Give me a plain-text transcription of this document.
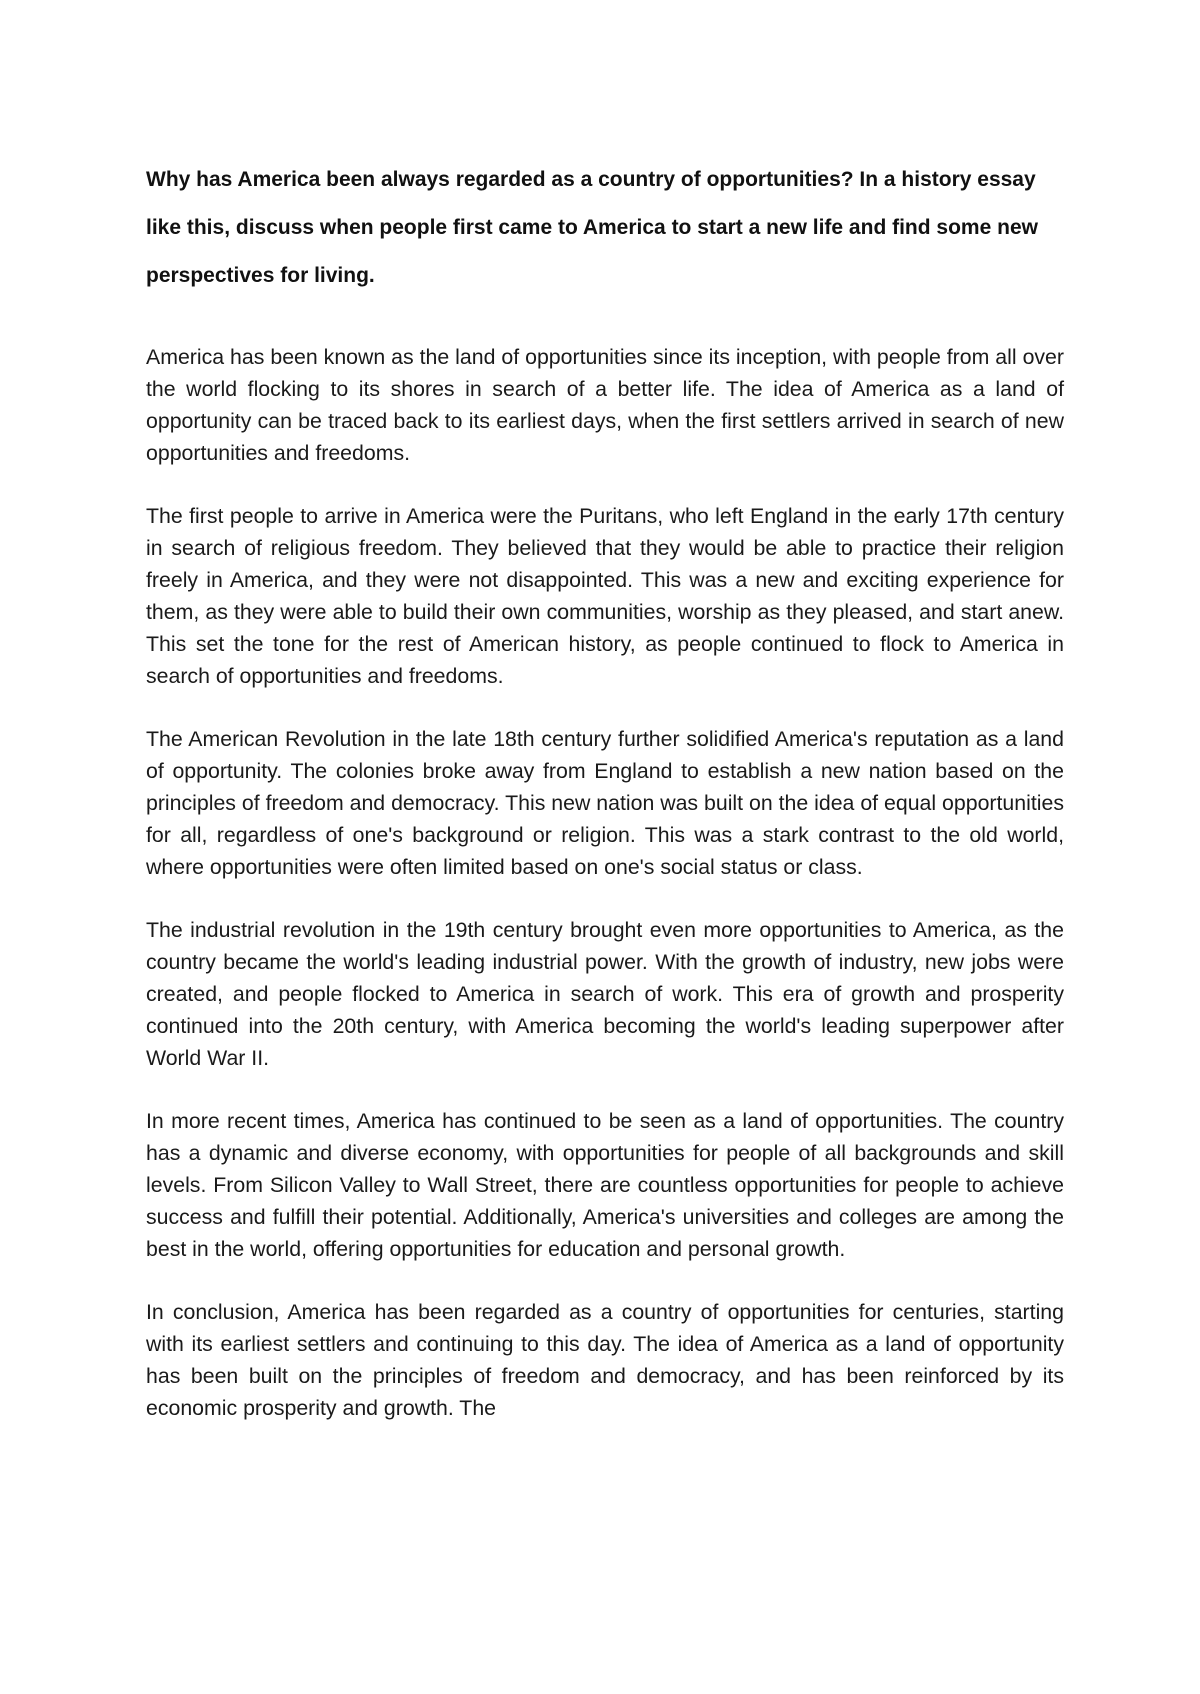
Why has America been always regarded as a country of opportunities? In a history essay like this, discuss when people first came to America to start a new life and find some new perspectives for living.

America has been known as the land of opportunities since its inception, with people from all over the world flocking to its shores in search of a better life. The idea of America as a land of opportunity can be traced back to its earliest days, when the first settlers arrived in search of new opportunities and freedoms.

The first people to arrive in America were the Puritans, who left England in the early 17th century in search of religious freedom. They believed that they would be able to practice their religion freely in America, and they were not disappointed. This was a new and exciting experience for them, as they were able to build their own communities, worship as they pleased, and start anew. This set the tone for the rest of American history, as people continued to flock to America in search of opportunities and freedoms.

The American Revolution in the late 18th century further solidified America's reputation as a land of opportunity. The colonies broke away from England to establish a new nation based on the principles of freedom and democracy. This new nation was built on the idea of equal opportunities for all, regardless of one's background or religion. This was a stark contrast to the old world, where opportunities were often limited based on one's social status or class.

The industrial revolution in the 19th century brought even more opportunities to America, as the country became the world's leading industrial power. With the growth of industry, new jobs were created, and people flocked to America in search of work. This era of growth and prosperity continued into the 20th century, with America becoming the world's leading superpower after World War II.

In more recent times, America has continued to be seen as a land of opportunities. The country has a dynamic and diverse economy, with opportunities for people of all backgrounds and skill levels. From Silicon Valley to Wall Street, there are countless opportunities for people to achieve success and fulfill their potential. Additionally, America's universities and colleges are among the best in the world, offering opportunities for education and personal growth.

In conclusion, America has been regarded as a country of opportunities for centuries, starting with its earliest settlers and continuing to this day. The idea of America as a land of opportunity has been built on the principles of freedom and democracy, and has been reinforced by its economic prosperity and growth. The
